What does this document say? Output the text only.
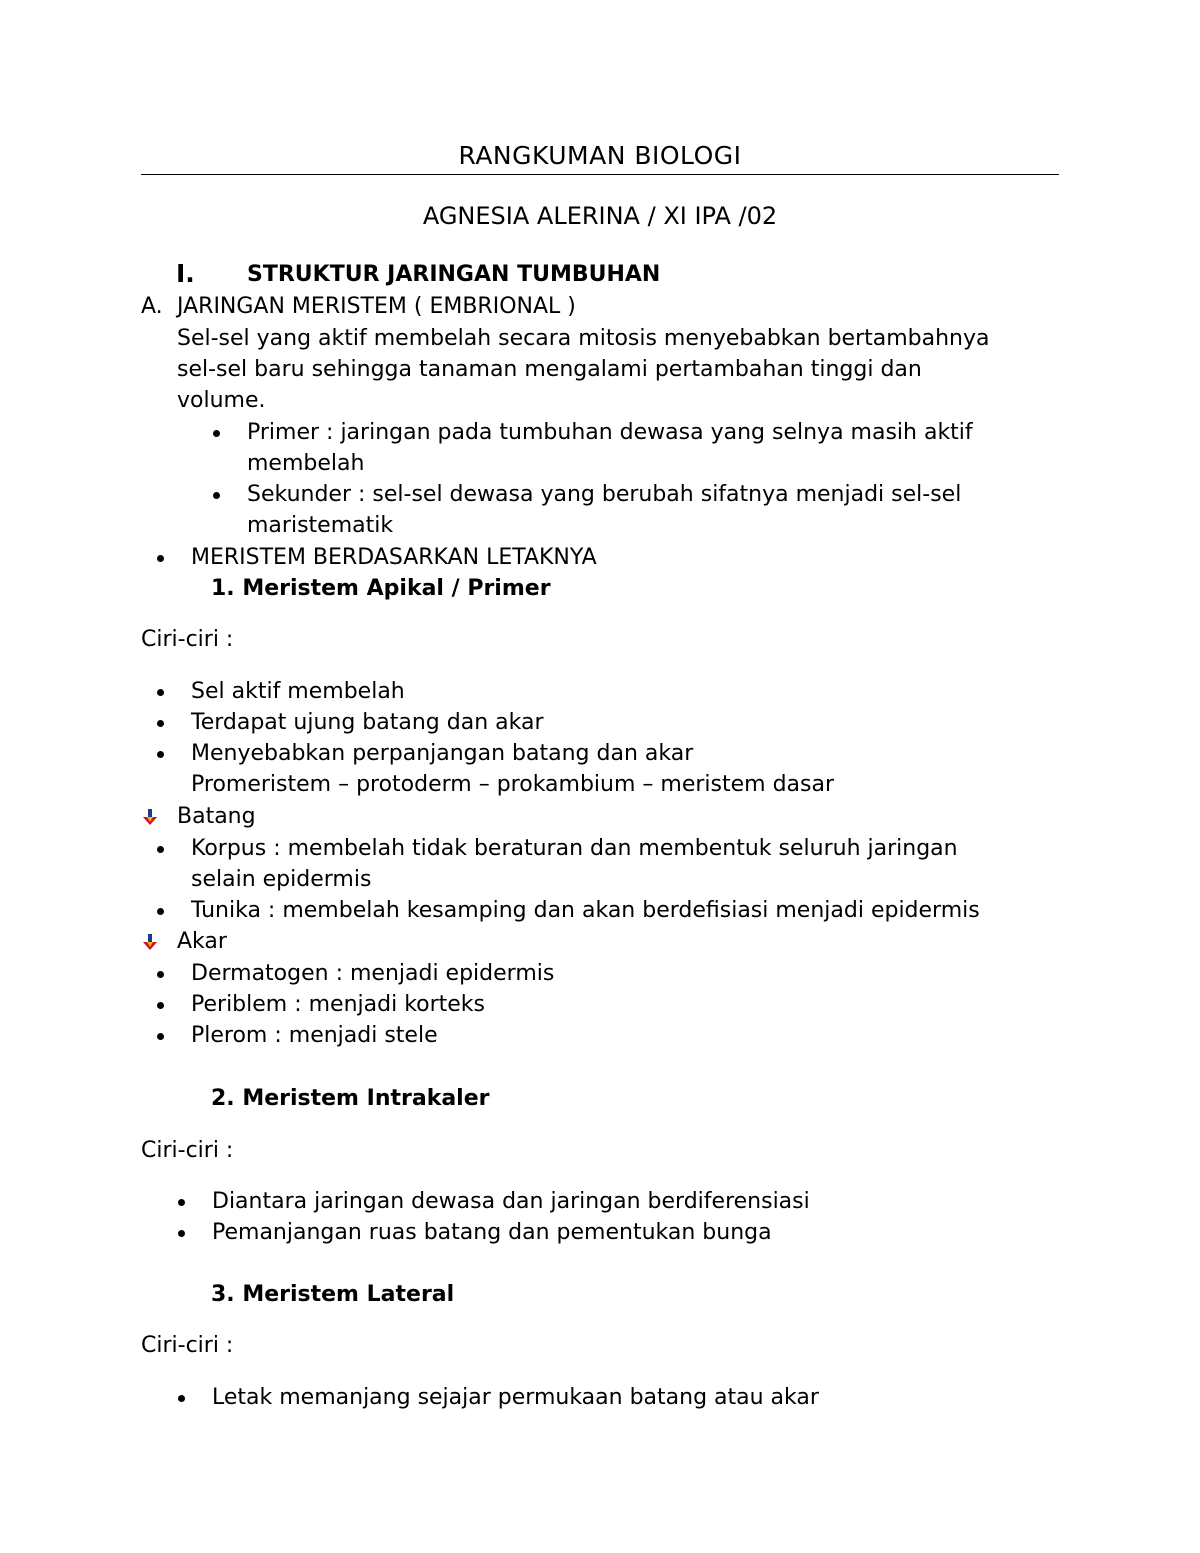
RANGKUMAN BIOLOGI
AGNESIA ALERINA / XI IPA /02
I. STRUKTUR JARINGAN TUMBUHAN
A. JARINGAN MERISTEM ( EMBRIONAL )
Sel-sel yang aktif membelah secara mitosis menyebabkan bertambahnya
sel-sel baru sehingga tanaman mengalami pertambahan tinggi dan
volume.
Primer : jaringan pada tumbuhan dewasa yang selnya masih aktif
membelah
Sekunder : sel-sel dewasa yang berubah sifatnya menjadi sel-sel
maristematik
MERISTEM BERDASARKAN LETAKNYA
1. Meristem Apikal / Primer
Ciri-ciri :
Sel aktif membelah
Terdapat ujung batang dan akar
Menyebabkan perpanjangan batang dan akar
Promeristem – protoderm – prokambium – meristem dasar
Batang
Korpus : membelah tidak beraturan dan membentuk seluruh jaringan
selain epidermis
Tunika : membelah kesamping dan akan berdefisiasi menjadi epidermis
Akar
Dermatogen : menjadi epidermis
Periblem : menjadi korteks
Plerom : menjadi stele
2. Meristem Intrakaler
Ciri-ciri :
Diantara jaringan dewasa dan jaringan berdiferensiasi
Pemanjangan ruas batang dan pementukan bunga
3. Meristem Lateral
Ciri-ciri :
Letak memanjang sejajar permukaan batang atau akar
